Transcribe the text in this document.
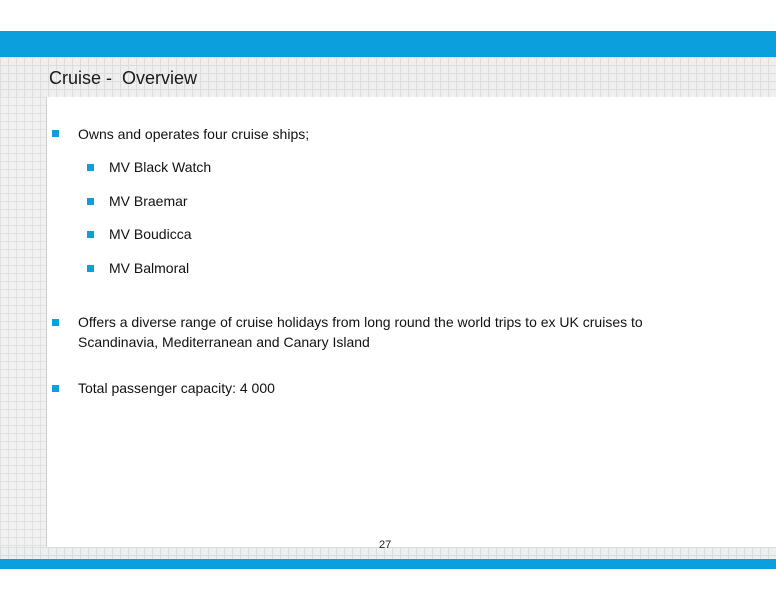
Cruise -  Overview
Owns and operates four cruise ships;
MV Black Watch
MV Braemar
MV Boudicca
MV Balmoral
Offers a diverse range of cruise holidays from long round the world trips to ex UK cruises to
Scandinavia, Mediterranean and Canary Island
Total passenger capacity: 4 000
27
